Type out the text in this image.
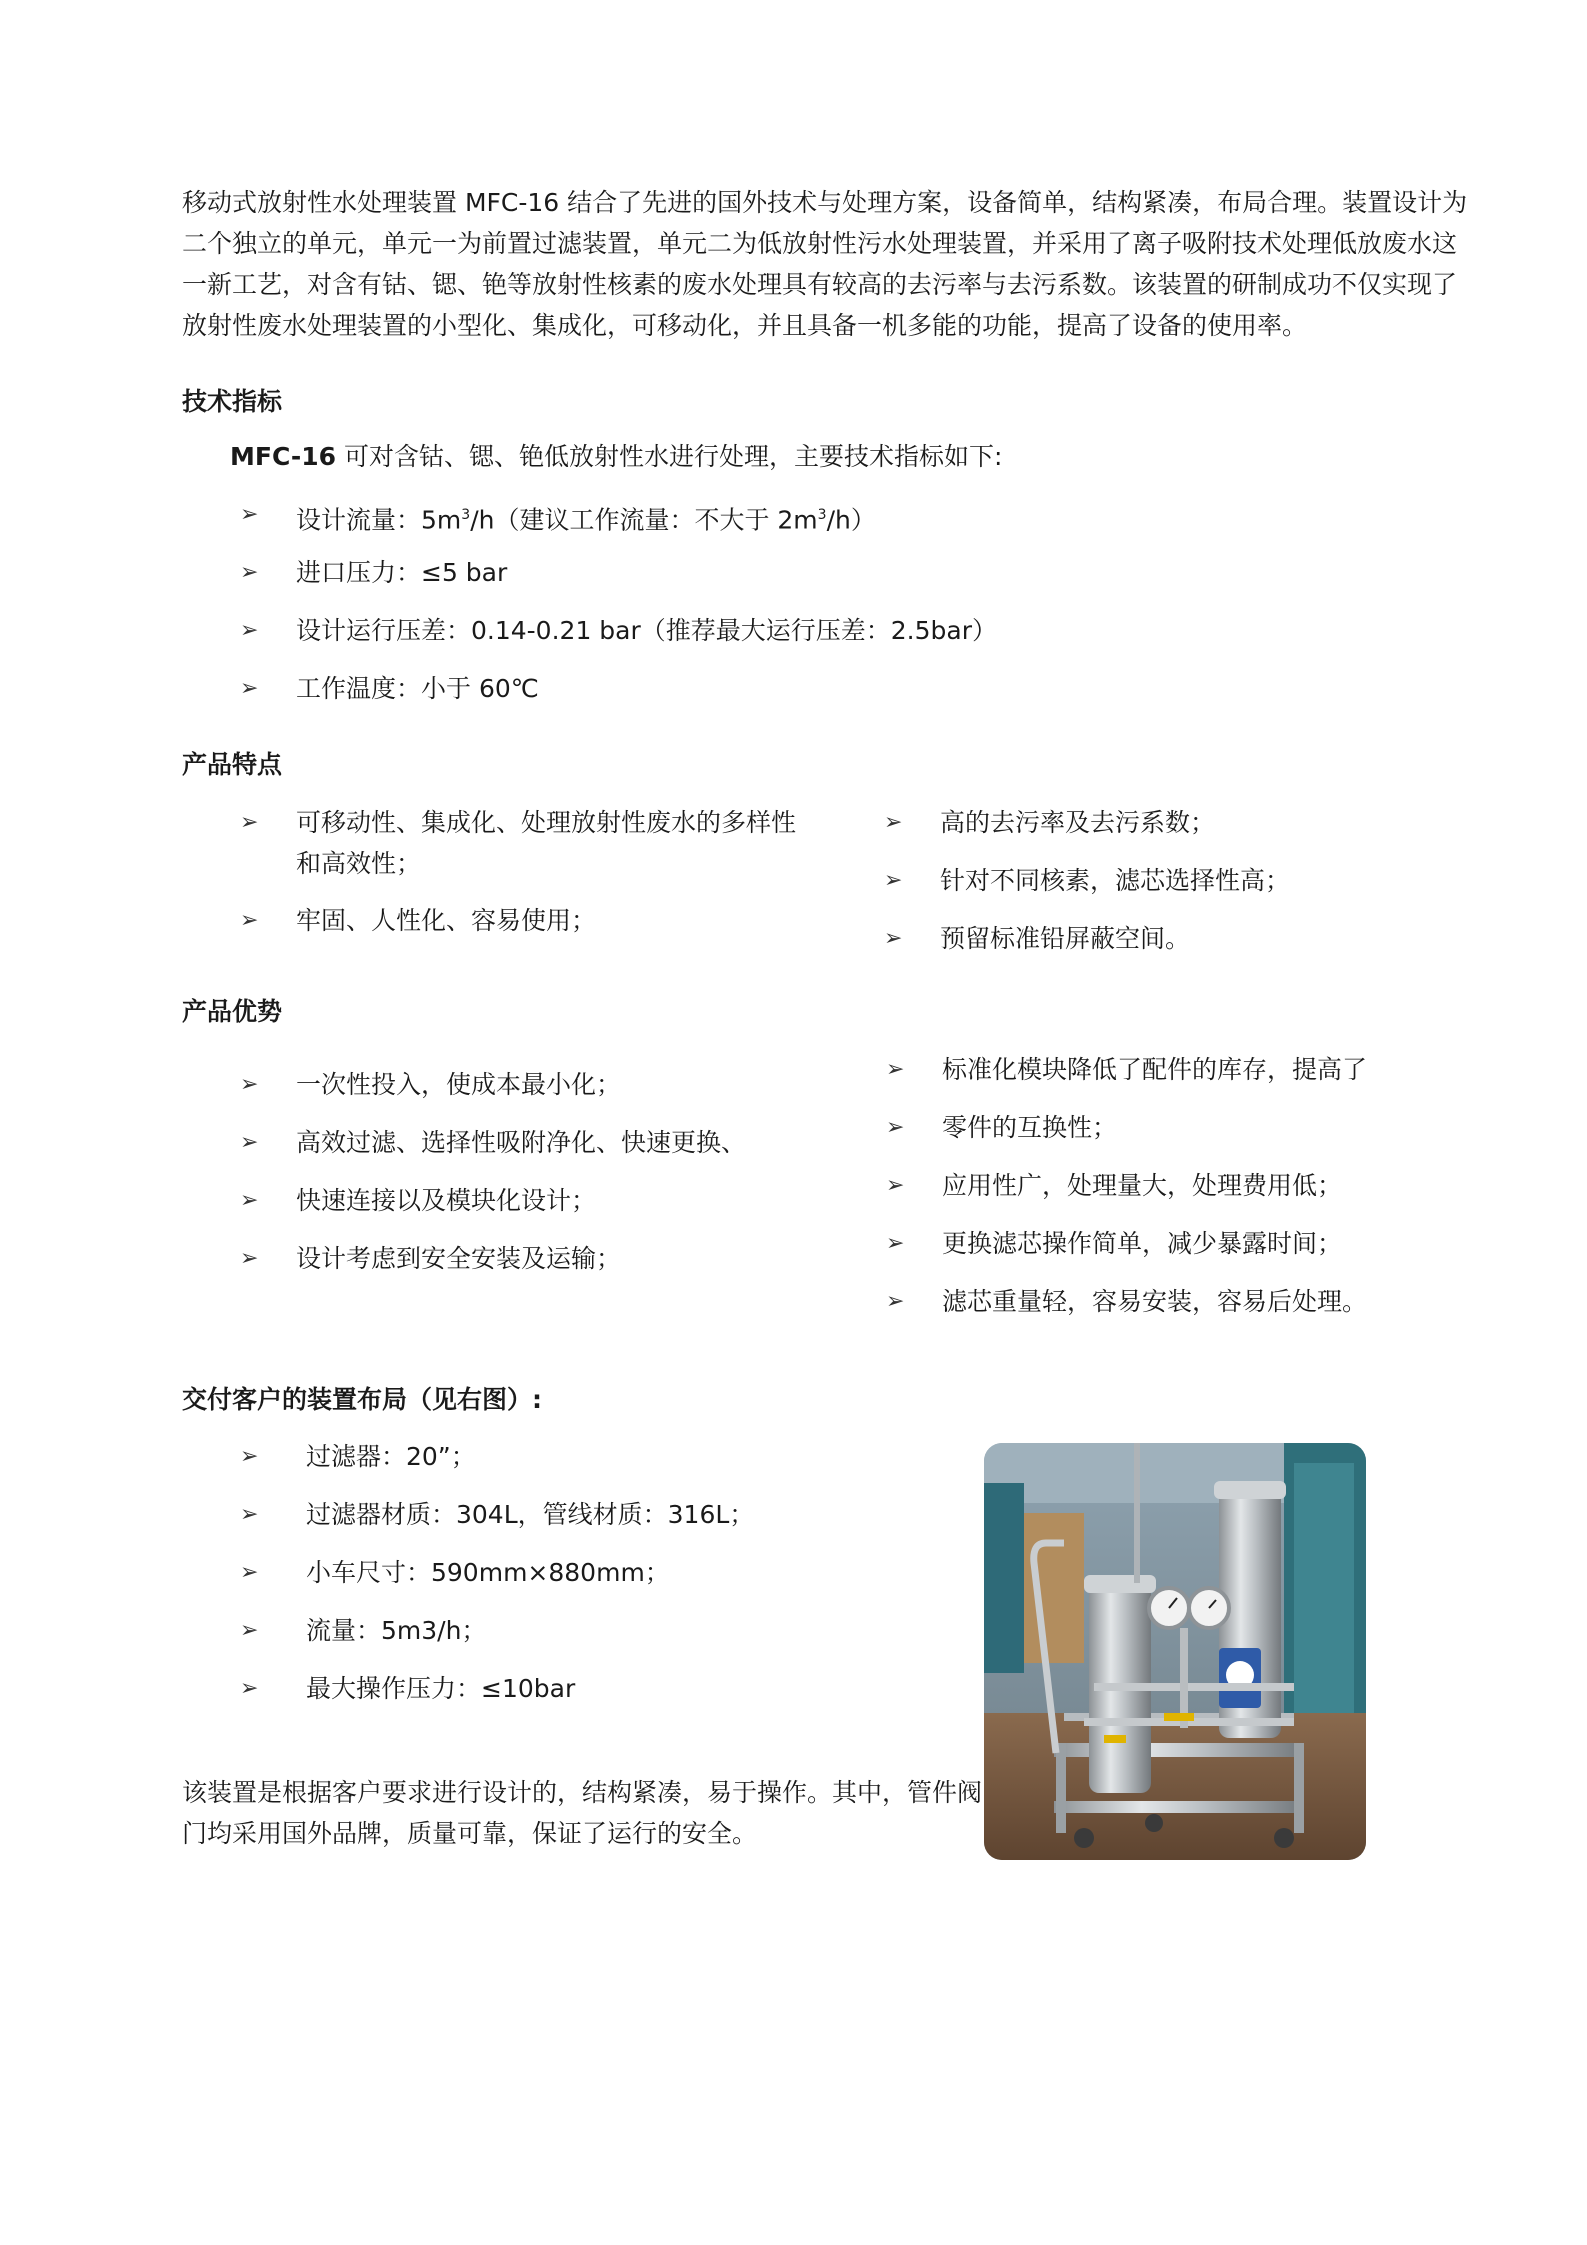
移动式放射性水处理装置 MFC-16 结合了先进的国外技术与处理方案，设备简单，结构紧凑，布局合理。装置设计为
二个独立的单元，单元一为前置过滤装置，单元二为低放射性污水处理装置，并采用了离子吸附技术处理低放废水这
一新工艺，对含有钴、锶、铯等放射性核素的废水处理具有较高的去污率与去污系数。该装置的研制成功不仅实现了
放射性废水处理装置的小型化、集成化，可移动化，并且具备一机多能的功能，提高了设备的使用率。

技术指标
MFC-16 可对含钴、锶、铯低放射性水进行处理，主要技术指标如下:
➢ 设计流量：$5m^3/h$（建议工作流量：不大于 $2m^3/h$）
➢ 进口压力：≤5 bar
➢ 设计运行压差：0.14-0.21 bar（推荐最大运行压差：2.5bar）
➢ 工作温度：小于 60℃
产品特点
➢ 可移动性、集成化、处理放射性废水的多样性
和高效性；
➢ 牢固、人性化、容易使用；
➢ 高的去污率及去污系数；
➢ 针对不同核素，滤芯选择性高；
➢ 预留标准铅屏蔽空间。
产品优势
➢ 一次性投入，使成本最小化；
➢ 高效过滤、选择性吸附净化、快速更换、
➢ 快速连接以及模块化设计；
➢ 设计考虑到安全安装及运输；
➢ 标准化模块降低了配件的库存，提高了
➢ 零件的互换性；
➢ 应用性广，处理量大，处理费用低；
➢ 更换滤芯操作简单，减少暴露时间；
➢ 滤芯重量轻，容易安装，容易后处理。
交付客户的装置布局（见右图）:
➢ 过滤器：20”；
➢ 过滤器材质：304L，管线材质：316L；
➢ 小车尺寸：590mm×880mm；
➢ 流量：5m3/h；
➢ 最大操作压力：≤10bar

该装置是根据客户要求进行设计的，结构紧凑，易于操作。其中，管件阀
门均采用国外品牌，质量可靠，保证了运行的安全。
